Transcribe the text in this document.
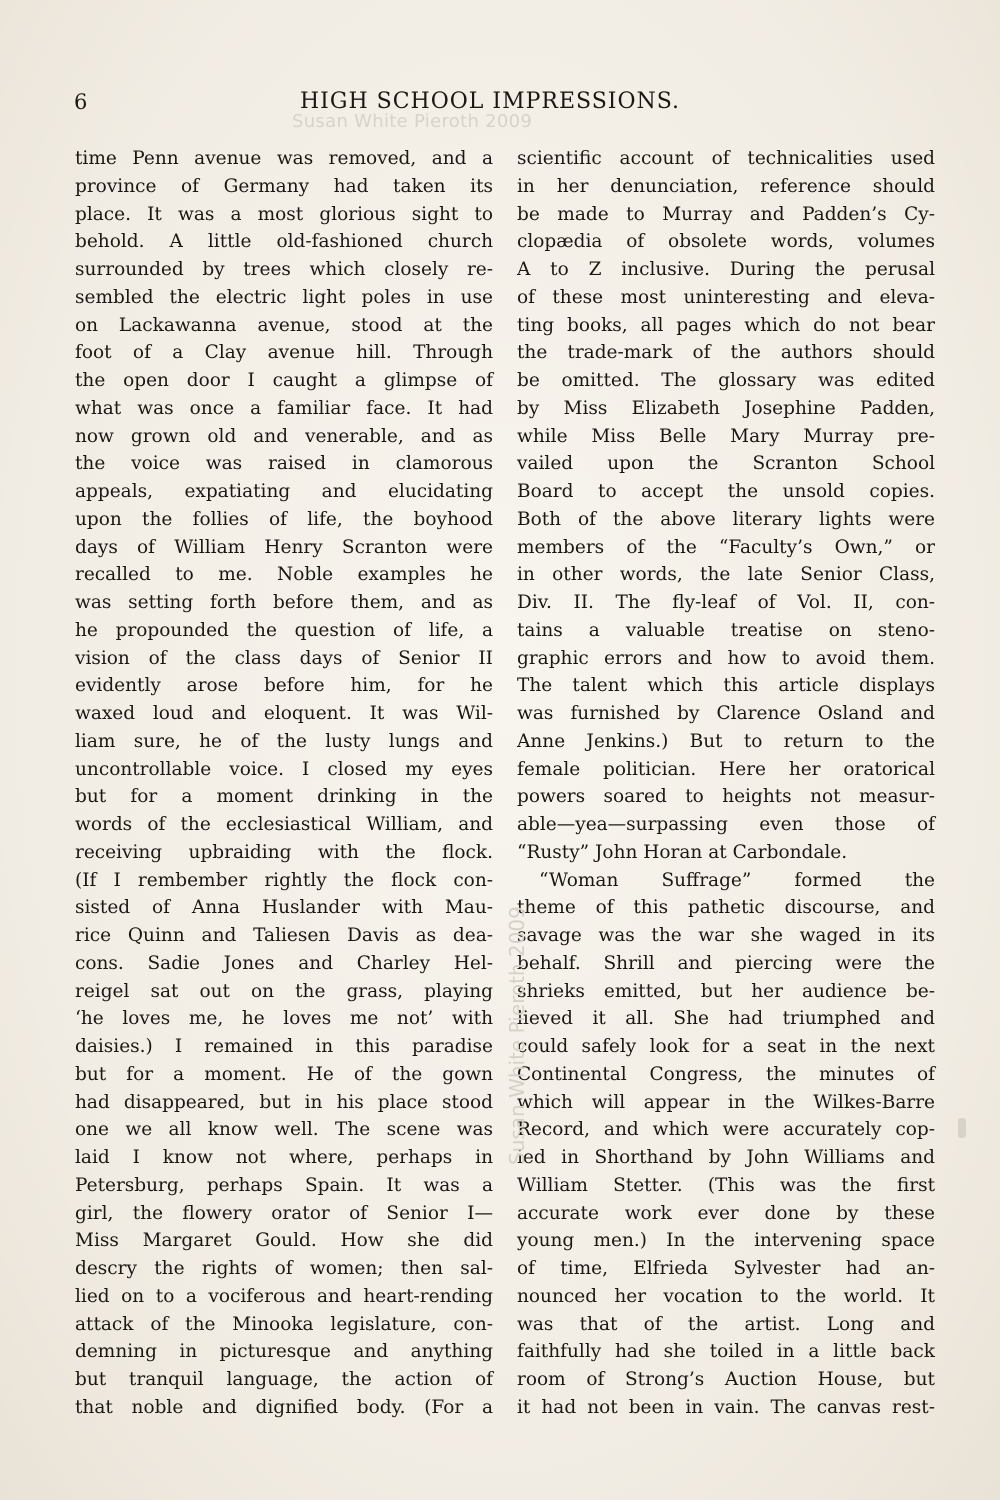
6	HIGH SCHOOL IMPRESSIONS.
Susan White Pieroth 2009
time Penn avenue was removed, and a
province of Germany had taken its
place. It was a most glorious sight to
behold. A little old-fashioned church
surrounded by trees which closely re-
sembled the electric light poles in use
on Lackawanna avenue, stood at the
foot of a Clay avenue hill. Through
the open door I caught a glimpse of
what was once a familiar face. It had
now grown old and venerable, and as
the voice was raised in clamorous
appeals, expatiating and elucidating
upon the follies of life, the boyhood
days of William Henry Scranton were
recalled to me. Noble examples he
was setting forth before them, and as
he propounded the question of life, a
vision of the class days of Senior II
evidently arose before him, for he
waxed loud and eloquent. It was Wil-
liam sure, he of the lusty lungs and
uncontrollable voice. I closed my eyes
but for a moment drinking in the
words of the ecclesiastical William, and
receiving upbraiding with the flock.
(If I rembember rightly the flock con-
sisted of Anna Huslander with Mau-
rice Quinn and Taliesen Davis as dea-
cons. Sadie Jones and Charley Hel-
reigel sat out on the grass, playing
‘he loves me, he loves me not’ with
daisies.) I remained in this paradise
but for a moment. He of the gown
had disappeared, but in his place stood
one we all know well. The scene was
laid I know not where, perhaps in
Petersburg, perhaps Spain. It was a
girl, the flowery orator of Senior I—
Miss Margaret Gould. How she did
descry the rights of women; then sal-
lied on to a vociferous and heart-rending
attack of the Minooka legislature, con-
demning in picturesque and anything
but tranquil language, the action of
that noble and dignified body. (For a
scientific account of technicalities used
in her denunciation, reference should
be made to Murray and Padden’s Cy-
clopædia of obsolete words, volumes
A to Z inclusive. During the perusal
of these most uninteresting and eleva-
ting books, all pages which do not bear
the trade-mark of the authors should
be omitted. The glossary was edited
by Miss Elizabeth Josephine Padden,
while Miss Belle Mary Murray pre-
vailed upon the Scranton School
Board to accept the unsold copies.
Both of the above literary lights were
members of the “Faculty’s Own,” or
in other words, the late Senior Class,
Div. II. The fly-leaf of Vol. II, con-
tains a valuable treatise on steno-
graphic errors and how to avoid them.
The talent which this article displays
was furnished by Clarence Osland and
Anne Jenkins.) But to return to the
female politician. Here her oratorical
powers soared to heights not measur-
able—yea—surpassing even those of
“Rusty” John Horan at Carbondale.
“Woman Suffrage” formed the
theme of this pathetic discourse, and
savage was the war she waged in its
behalf. Shrill and piercing were the
shrieks emitted, but her audience be-
lieved it all. She had triumphed and
could safely look for a seat in the next
Continental Congress, the minutes of
which will appear in the Wilkes-Barre
Record, and which were accurately cop-
ied in Shorthand by John Williams and
William Stetter. (This was the first
accurate work ever done by these
young men.) In the intervening space
of time, Elfrieda Sylvester had an-
nounced her vocation to the world. It
was that of the artist. Long and
faithfully had she toiled in a little back
room of Strong’s Auction House, but
it had not been in vain. The canvas rest-
Susan White Pieroth 2009
